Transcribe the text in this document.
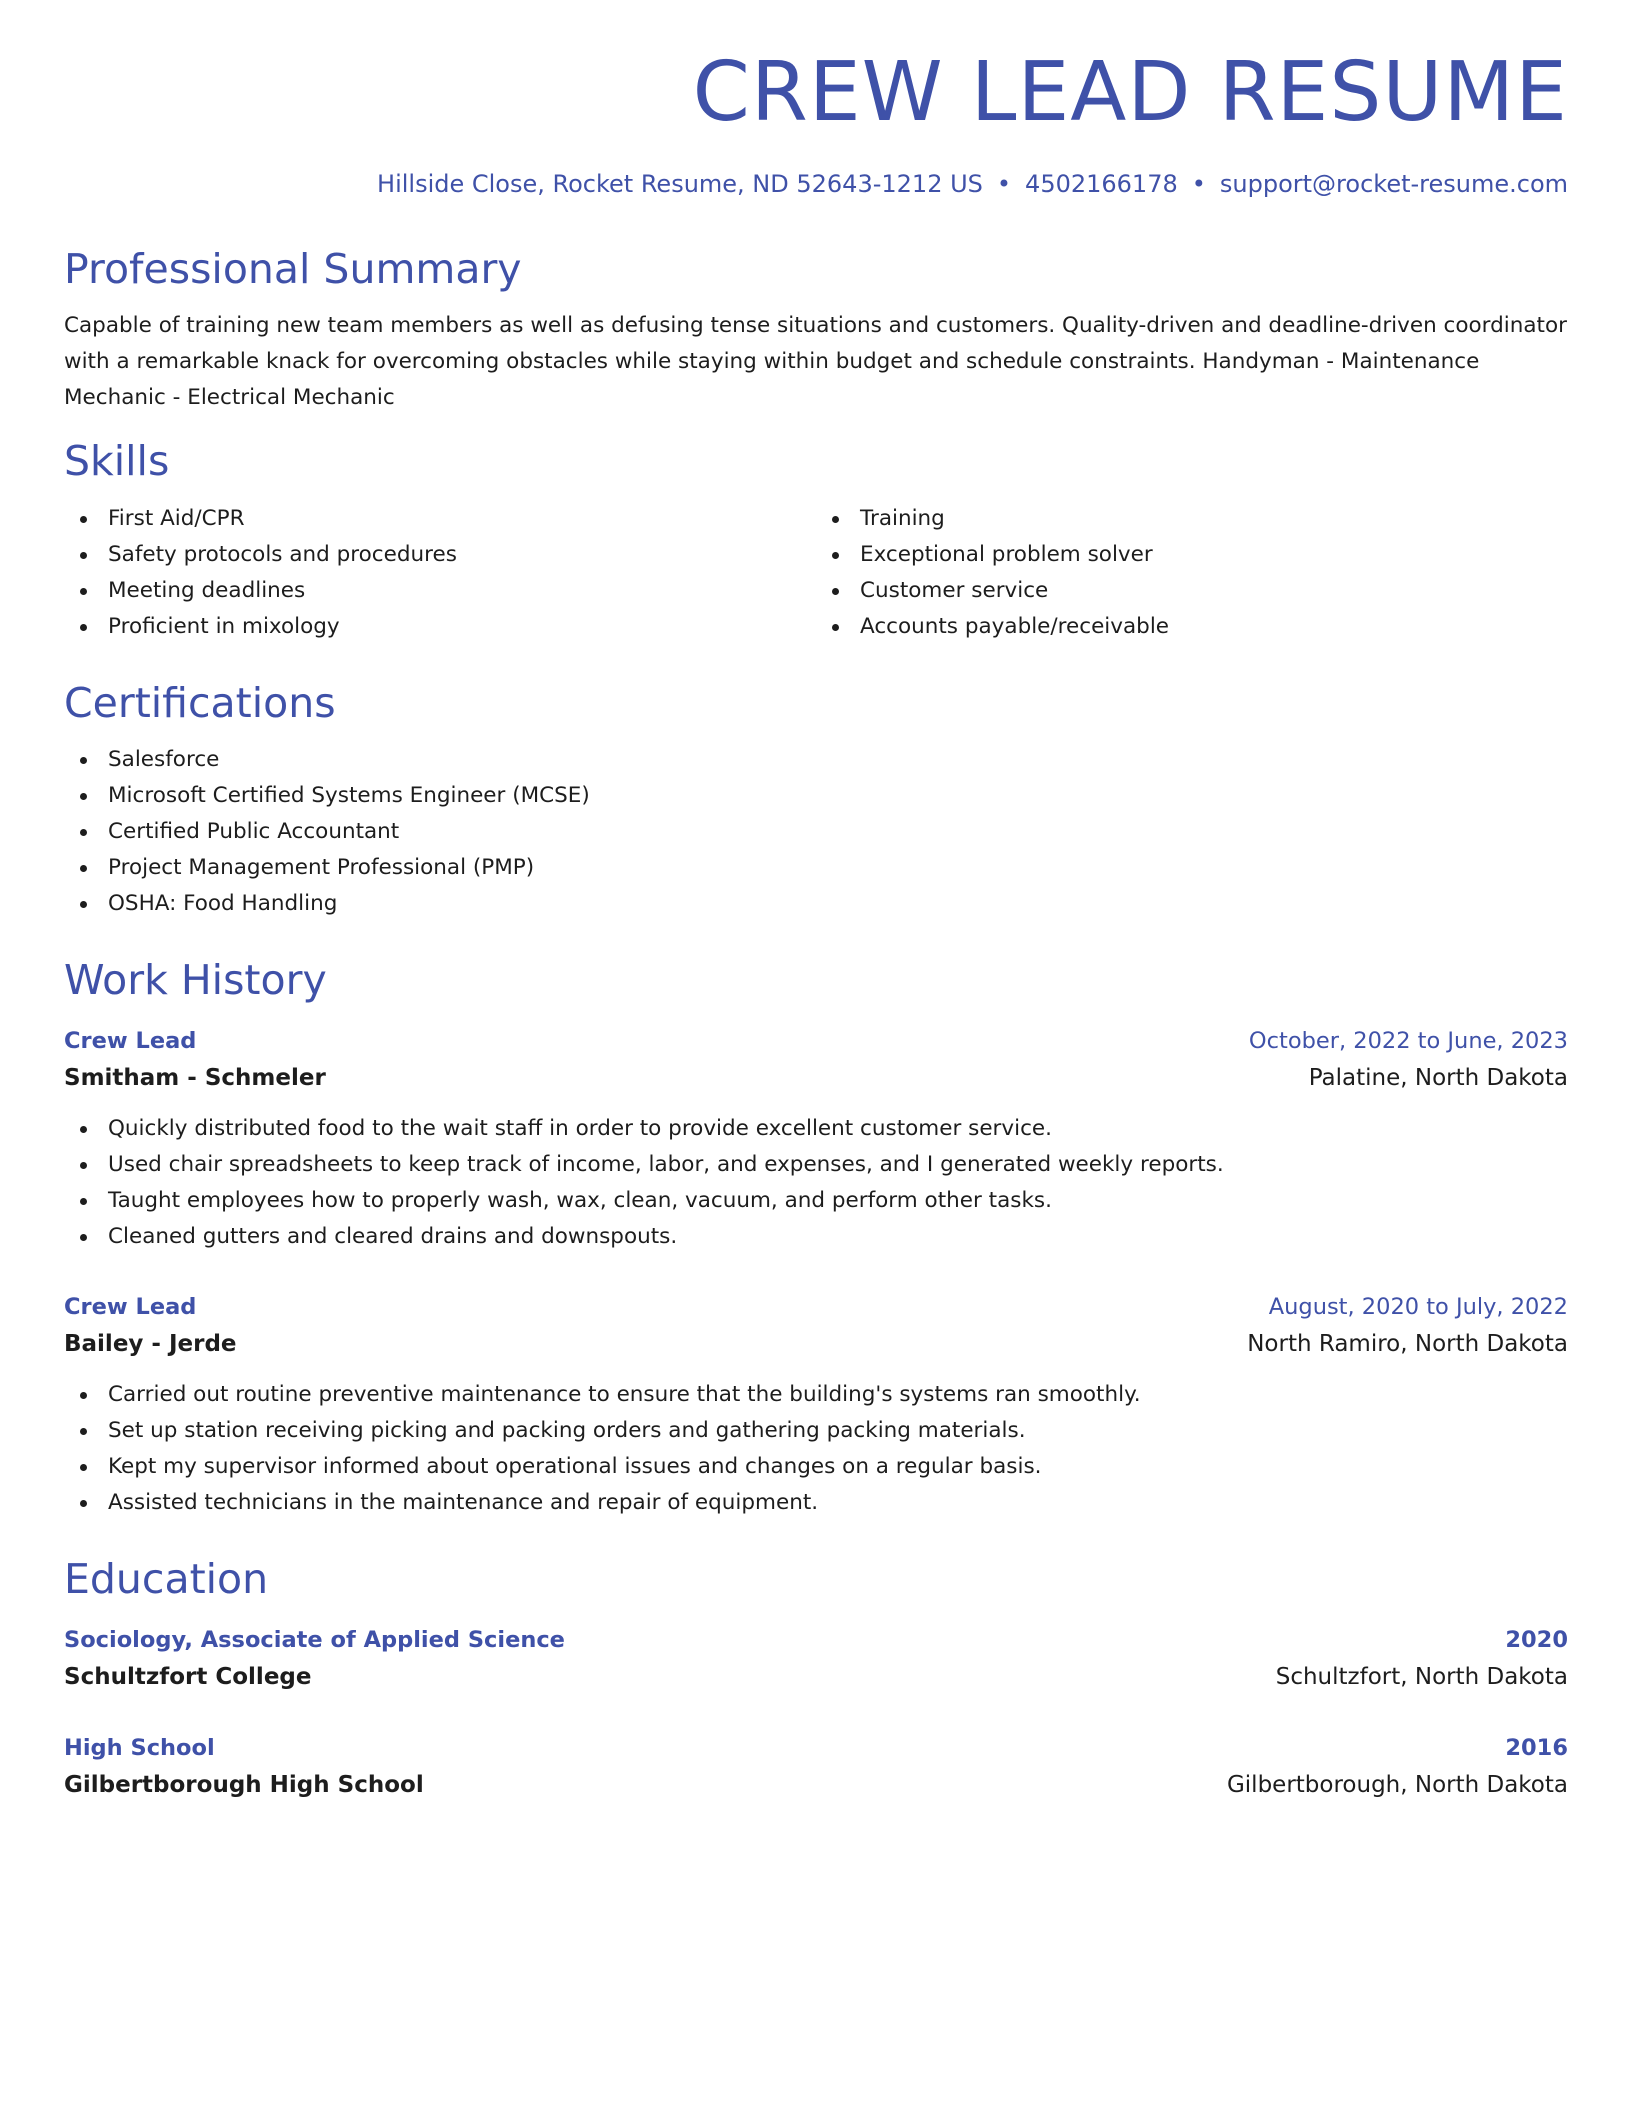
CREW LEAD RESUME
Hillside Close, Rocket Resume, ND 52643-1212 US • 4502166178 • support@rocket-resume.com
Professional Summary

Capable of training new team members as well as defusing tense situations and customers. Quality-driven and deadline-driven coordinator with a remarkable knack for overcoming obstacles while staying within budget and schedule constraints. Handyman - Maintenance Mechanic - Electrical Mechanic

Skills
First Aid/CPR
Safety protocols and procedures
Meeting deadlines
Proficient in mixology
Training
Exceptional problem solver
Customer service
Accounts payable/receivable
Certifications
Salesforce
Microsoft Certified Systems Engineer (MCSE)
Certified Public Accountant
Project Management Professional (PMP)
OSHA: Food Handling
Work History
Crew Lead	October, 2022 to June, 2023
Smitham - Schmeler	Palatine, North Dakota
Quickly distributed food to the wait staff in order to provide excellent customer service.
Used chair spreadsheets to keep track of income, labor, and expenses, and I generated weekly reports.
Taught employees how to properly wash, wax, clean, vacuum, and perform other tasks.
Cleaned gutters and cleared drains and downspouts.
Crew Lead	August, 2020 to July, 2022
Bailey - Jerde	North Ramiro, North Dakota
Carried out routine preventive maintenance to ensure that the building's systems ran smoothly.
Set up station receiving picking and packing orders and gathering packing materials.
Kept my supervisor informed about operational issues and changes on a regular basis.
Assisted technicians in the maintenance and repair of equipment.
Education
Sociology, Associate of Applied Science	2020
Schultzfort College	Schultzfort, North Dakota
High School	2016
Gilbertborough High School	Gilbertborough, North Dakota
